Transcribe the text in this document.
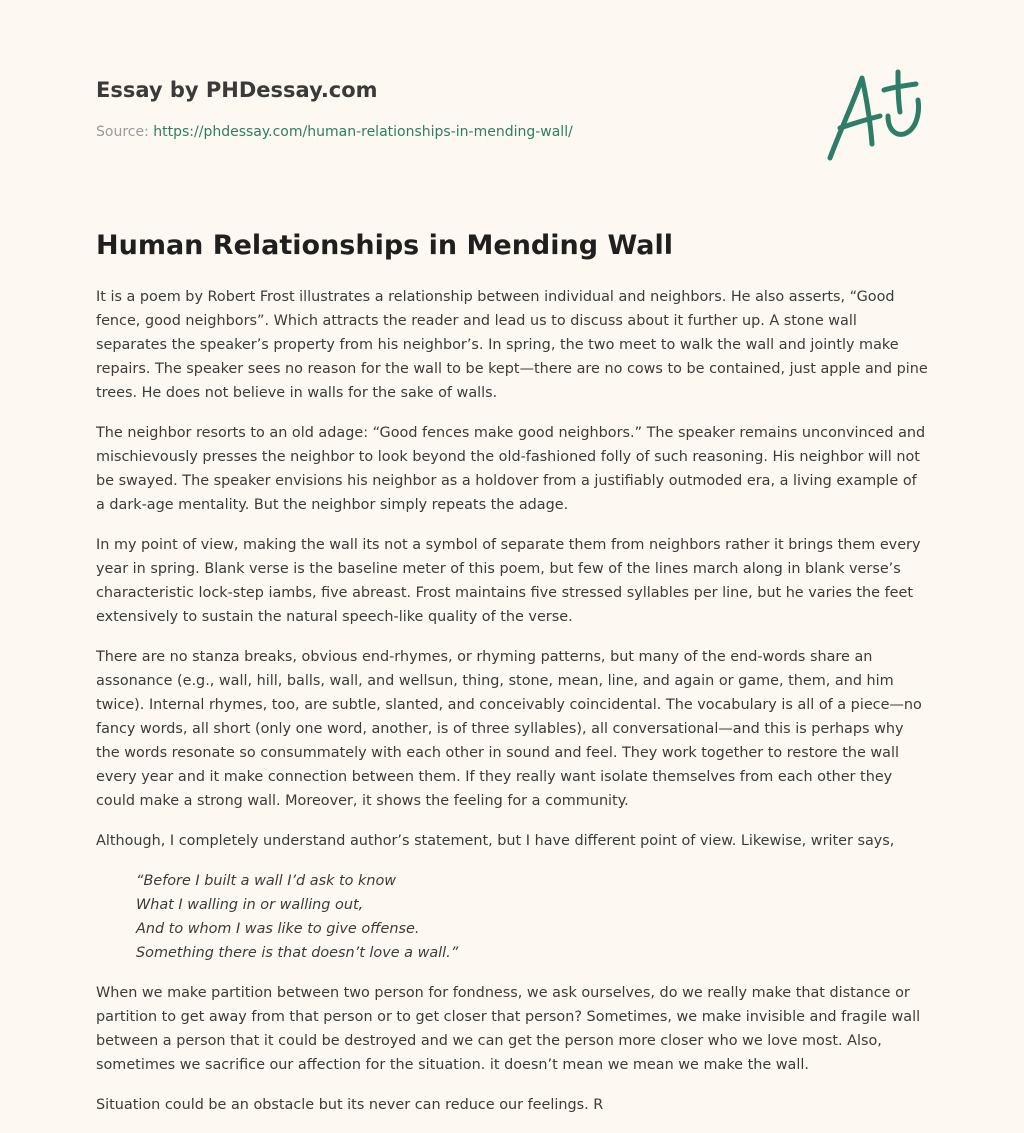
Essay by PHDessay.com
Source: https://phdessay.com/human-relationships-in-mending-wall/
Human Relationships in Mending Wall

It is a poem by Robert Frost illustrates a relationship between individual and neighbors. He also asserts, “Good fence, good neighbors”. Which attracts the reader and lead us to discuss about it further up. A stone wall separates the speaker’s property from his neighbor’s. In spring, the two meet to walk the wall and jointly make repairs. The speaker sees no reason for the wall to be kept—there are no cows to be contained, just apple and pine trees. He does not believe in walls for the sake of walls.

The neighbor resorts to an old adage: “Good fences make good neighbors.” The speaker remains unconvinced and mischievously presses the neighbor to look beyond the old-fashioned folly of such reasoning. His neighbor will not be swayed. The speaker envisions his neighbor as a holdover from a justifiably outmoded era, a living example of a dark-age mentality. But the neighbor simply repeats the adage.

In my point of view, making the wall its not a symbol of separate them from neighbors rather it brings them every year in spring. Blank verse is the baseline meter of this poem, but few of the lines march along in blank verse’s characteristic lock-step iambs, five abreast. Frost maintains five stressed syllables per line, but he varies the feet extensively to sustain the natural speech-like quality of the verse.

There are no stanza breaks, obvious end-rhymes, or rhyming patterns, but many of the end-words share an assonance (e.g., wall, hill, balls, wall, and wellsun, thing, stone, mean, line, and again or game, them, and him twice). Internal rhymes, too, are subtle, slanted, and conceivably coincidental. The vocabulary is all of a piece—no fancy words, all short (only one word, another, is of three syllables), all conversational—and this is perhaps why the words resonate so consummately with each other in sound and feel. They work together to restore the wall every year and it make connection between them. If they really want isolate themselves from each other they could make a strong wall. Moreover, it shows the feeling for a community.

Although, I completely understand author’s statement, but I have different point of view. Likewise, writer says,

“Before I built a wall I’d ask to know
What I walling in or walling out,
And to whom I was like to give offense.
Something there is that doesn’t love a wall.”

When we make partition between two person for fondness, we ask ourselves, do we really make that distance or partition to get away from that person or to get closer that person? Sometimes, we make invisible and fragile wall between a person that it could be destroyed and we can get the person more closer who we love most. Also, sometimes we sacrifice our affection for the situation. it doesn’t mean we mean we make the wall.

Situation could be an obstacle but its never can reduce our feelings. R
